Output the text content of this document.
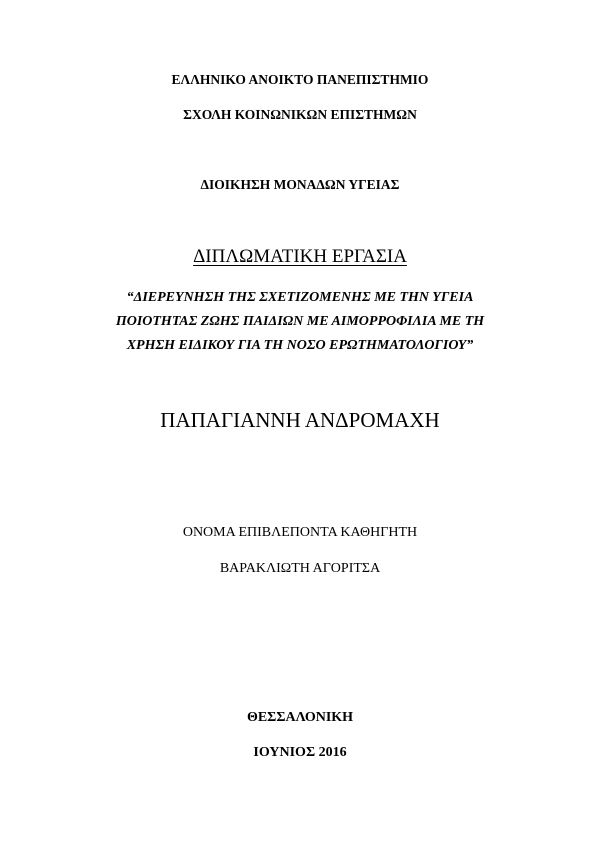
ΕΛΛΗΝΙΚΟ ΑΝΟΙΚΤΟ ΠΑΝΕΠΙΣΤΗΜΙΟ
ΣΧΟΛΗ ΚΟΙΝΩΝΙΚΩΝ ΕΠΙΣΤΗΜΩΝ
ΔΙΟΙΚΗΣΗ ΜΟΝΑΔΩΝ ΥΓΕΙΑΣ
ΔΙΠΛΩΜΑΤΙΚΗ ΕΡΓΑΣΙΑ
“ΔΙΕΡΕΥΝΗΣΗ ΤΗΣ ΣΧΕΤΙΖΟΜΕΝΗΣ ΜΕ ΤΗΝ ΥΓΕΙΑ
ΠΟΙΟΤΗΤΑΣ ΖΩΗΣ ΠΑΙΔΙΩΝ ΜΕ ΑΙΜΟΡΡΟΦΙΛΙΑ ΜΕ ΤΗ
ΧΡΗΣΗ ΕΙΔΙΚΟΥ ΓΙΑ ΤΗ ΝΟΣΟ ΕΡΩΤΗΜΑΤΟΛΟΓΙΟΥ”
ΠΑΠΑΓΙΑΝΝΗ ΑΝΔΡΟΜΑΧΗ
ΟΝΟΜΑ ΕΠΙΒΛΕΠΟΝΤΑ ΚΑΘΗΓΗΤΗ
ΒΑΡΑΚΛΙΩΤΗ ΑΓΟΡΙΤΣΑ
ΘΕΣΣΑΛΟΝΙΚΗ
ΙΟΥΝΙΟΣ 2016
